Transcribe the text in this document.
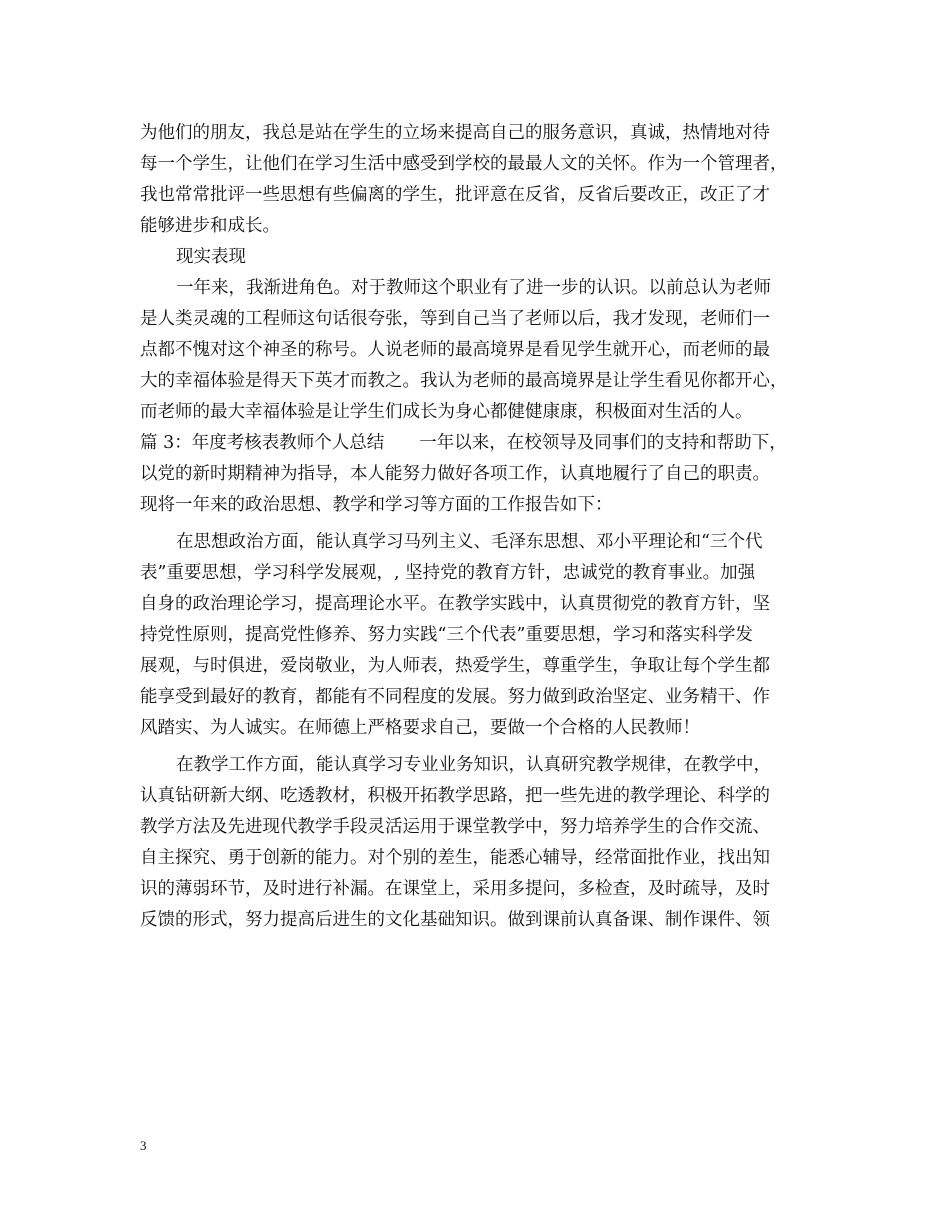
为他们的朋友，我总是站在学生的立场来提高自己的服务意识，真诚，热情地对待
每一个学生，让他们在学习生活中感受到学校的最最人文的关怀。作为一个管理者，
我也常常批评一些思想有些偏离的学生，批评意在反省，反省后要改正，改正了才
能够进步和成长。
现实表现
一年来，我渐进角色。对于教师这个职业有了进一步的认识。以前总认为老师
是人类灵魂的工程师这句话很夸张，等到自己当了老师以后，我才发现，老师们一
点都不愧对这个神圣的称号。人说老师的最高境界是看见学生就开心，而老师的最
大的幸福体验是得天下英才而教之。我认为老师的最高境界是让学生看见你都开心，
而老师的最大幸福体验是让学生们成长为身心都健健康康，积极面对生活的人。
篇 3：年度考核表教师个人总结　　一年以来，在校领导及同事们的支持和帮助下，
以党的新时期精神为指导，本人能努力做好各项工作，认真地履行了自己的职责。
现将一年来的政治思想、教学和学习等方面的工作报告如下：
在思想政治方面，能认真学习马列主义、毛泽东思想、邓小平理论和“三个代
表”重要思想，学习科学发展观，, 坚持党的教育方针，忠诚党的教育事业。加强
自身的政治理论学习，提高理论水平。在教学实践中，认真贯彻党的教育方针，坚
持党性原则，提高党性修养、努力实践“三个代表”重要思想，学习和落实科学发
展观，与时俱进，爱岗敬业，为人师表，热爱学生，尊重学生，争取让每个学生都
能享受到最好的教育，都能有不同程度的发展。努力做到政治坚定、业务精干、作
风踏实、为人诚实。在师德上严格要求自己，要做一个合格的人民教师！
在教学工作方面，能认真学习专业业务知识，认真研究教学规律，在教学中，
认真钻研新大纲、吃透教材，积极开拓教学思路，把一些先进的教学理论、科学的
教学方法及先进现代教学手段灵活运用于课堂教学中，努力培养学生的合作交流、
自主探究、勇于创新的能力。对个别的差生，能悉心辅导，经常面批作业，找出知
识的薄弱环节，及时进行补漏。在课堂上，采用多提问，多检查，及时疏导，及时
反馈的形式，努力提高后进生的文化基础知识。做到课前认真备课、制作课件、领
3
